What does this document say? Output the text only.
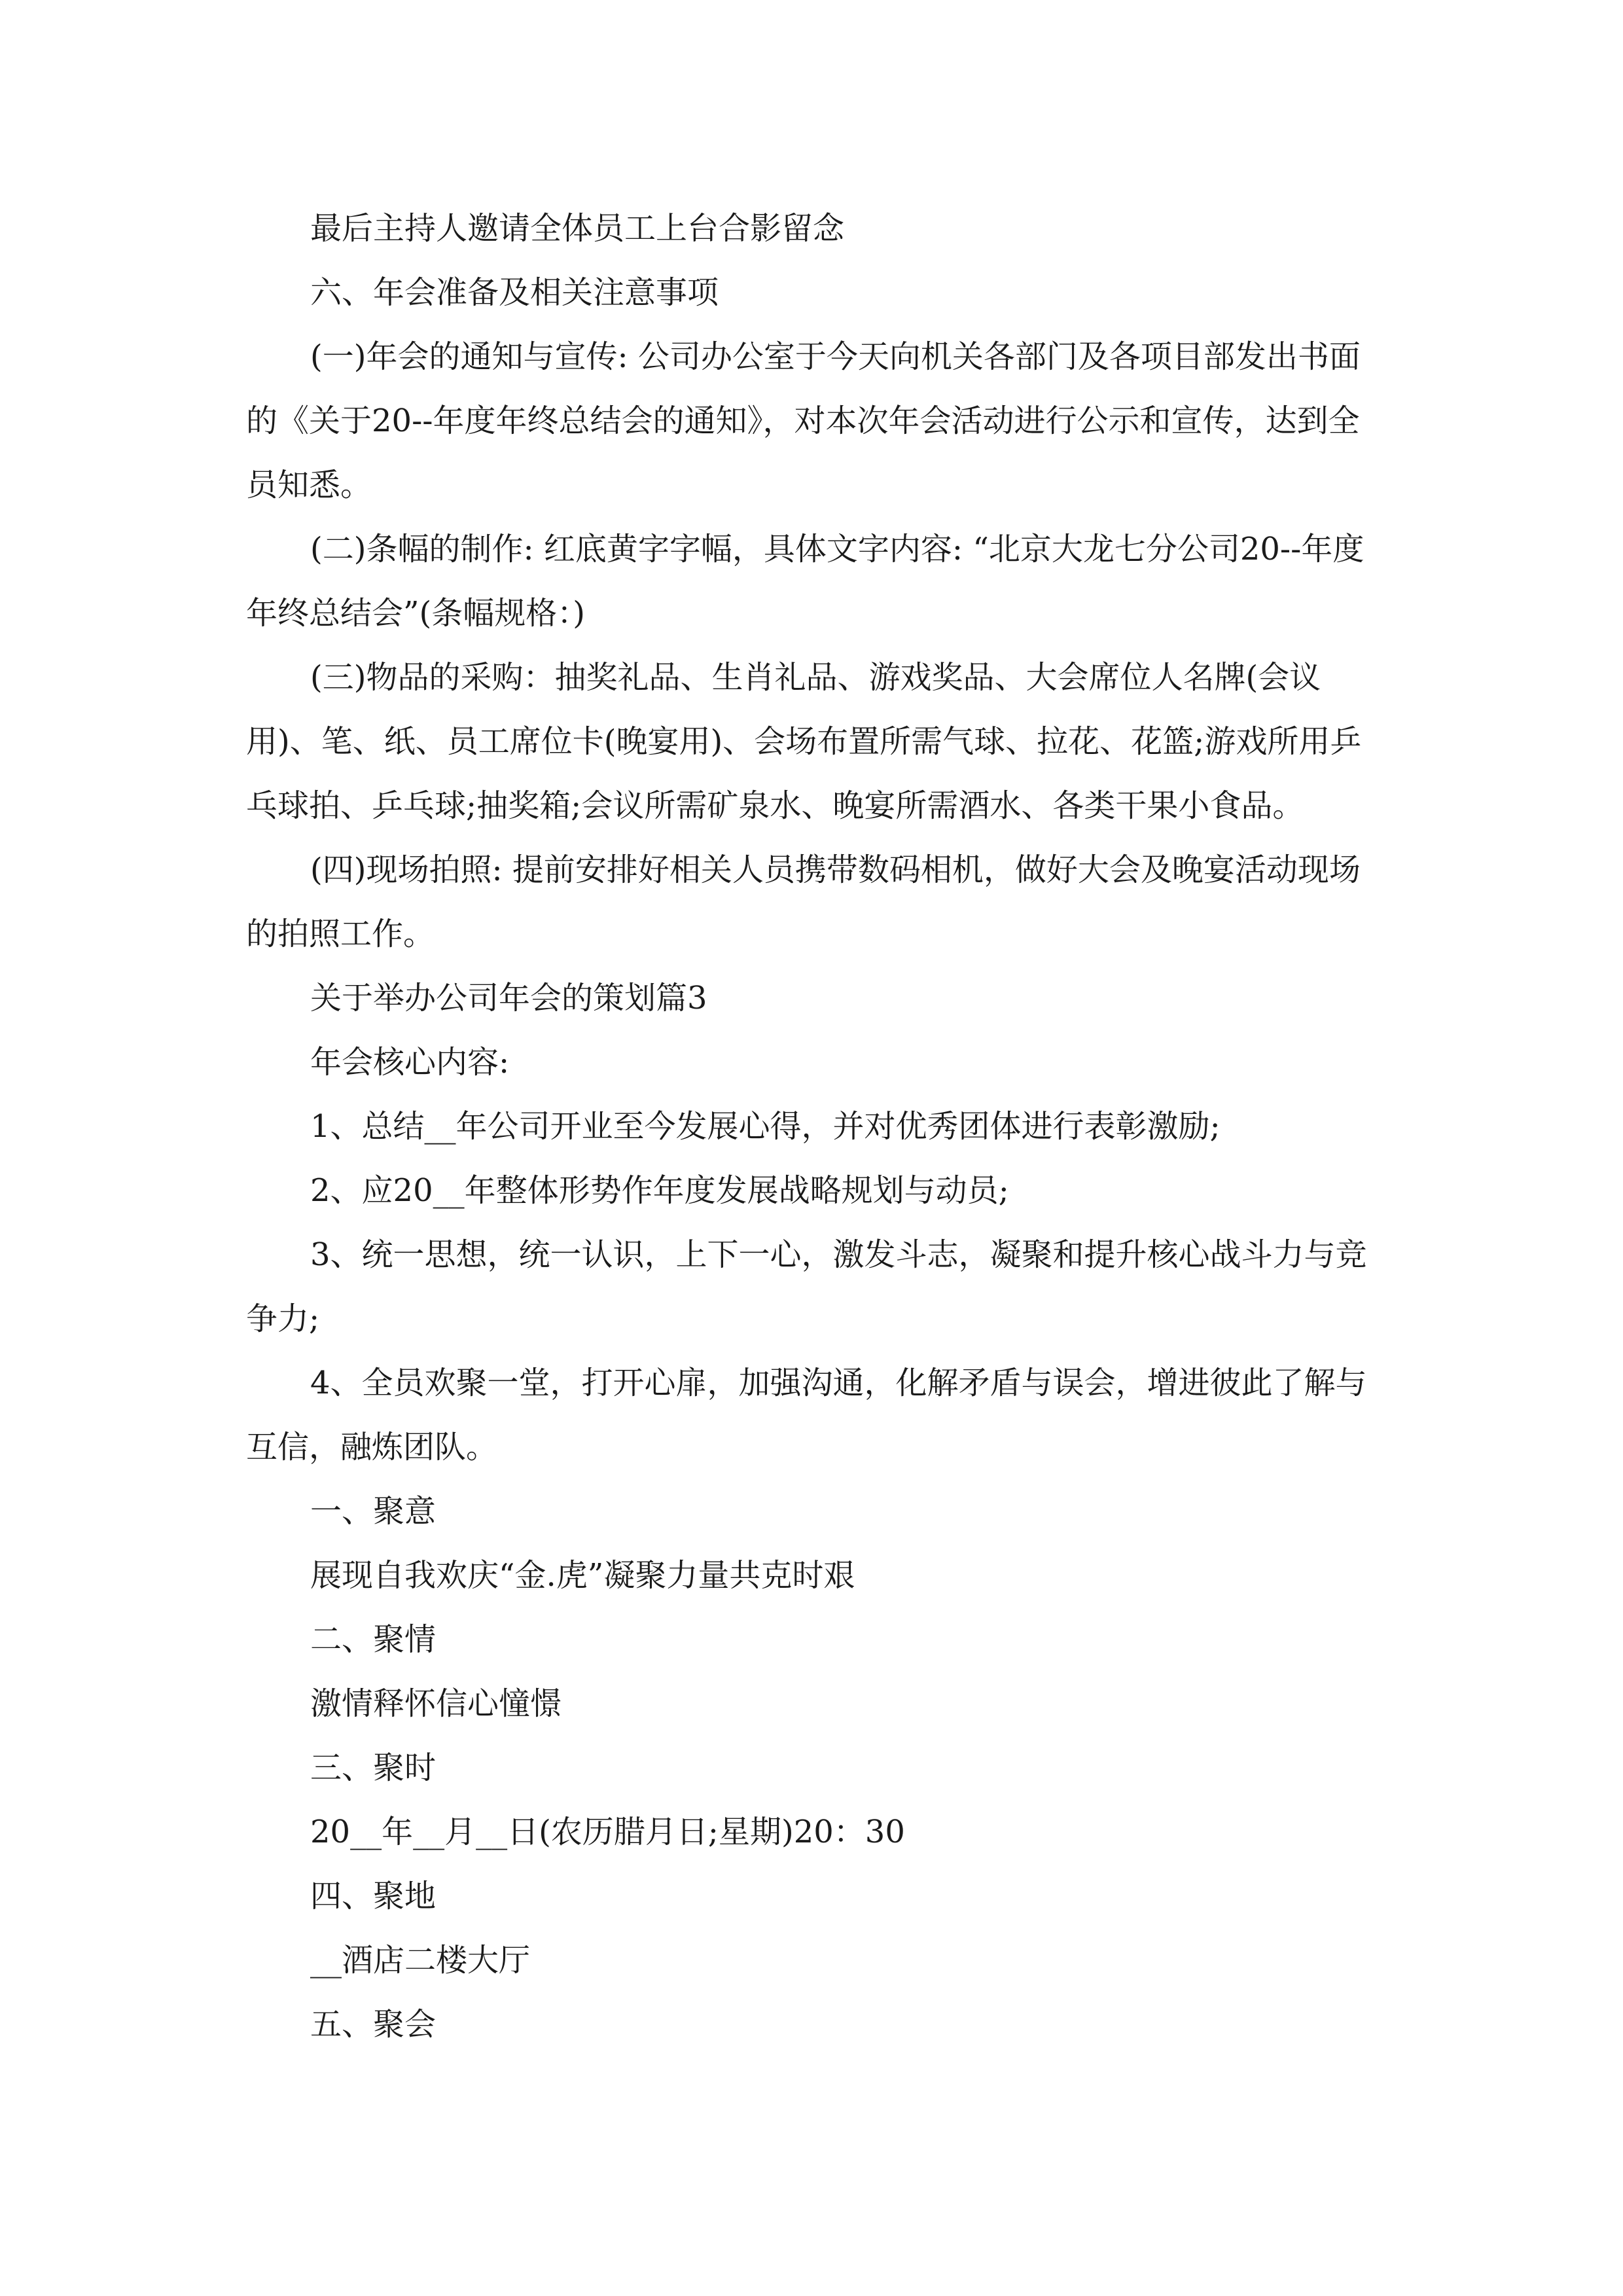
最后主持人邀请全体员工上台合影留念

六、年会准备及相关注意事项

(一)年会的通知与宣传: 公司办公室于今天向机关各部门及各项目部发出书面的《关于20--年度年终总结会的通知》，对本次年会活动进行公示和宣传，达到全员知悉。

(二)条幅的制作: 红底黄字字幅，具体文字内容: “北京大龙七分公司20--年度年终总结会”(条幅规格：)

(三)物品的采购：抽奖礼品、生肖礼品、游戏奖品、大会席位人名牌(会议用)、笔、纸、员工席位卡(晚宴用)、会场布置所需气球、拉花、花篮;游戏所用乒乓球拍、乒乓球;抽奖箱;会议所需矿泉水、晚宴所需酒水、各类干果小食品。

(四)现场拍照: 提前安排好相关人员携带数码相机，做好大会及晚宴活动现场的拍照工作。

关于举办公司年会的策划篇3

年会核心内容:

1、总结__年公司开业至今发展心得，并对优秀团体进行表彰激励;

2、应20__年整体形势作年度发展战略规划与动员;

3、统一思想，统一认识，上下一心，激发斗志，凝聚和提升核心战斗力与竞争力;

4、全员欢聚一堂，打开心扉，加强沟通，化解矛盾与误会，增进彼此了解与互信，融炼团队。

一、聚意

展现自我欢庆“金.虎”凝聚力量共克时艰

二、聚情

激情释怀信心憧憬

三、聚时

20__年__月__日(农历腊月日;星期)20：30

四、聚地

__酒店二楼大厅

五、聚会
